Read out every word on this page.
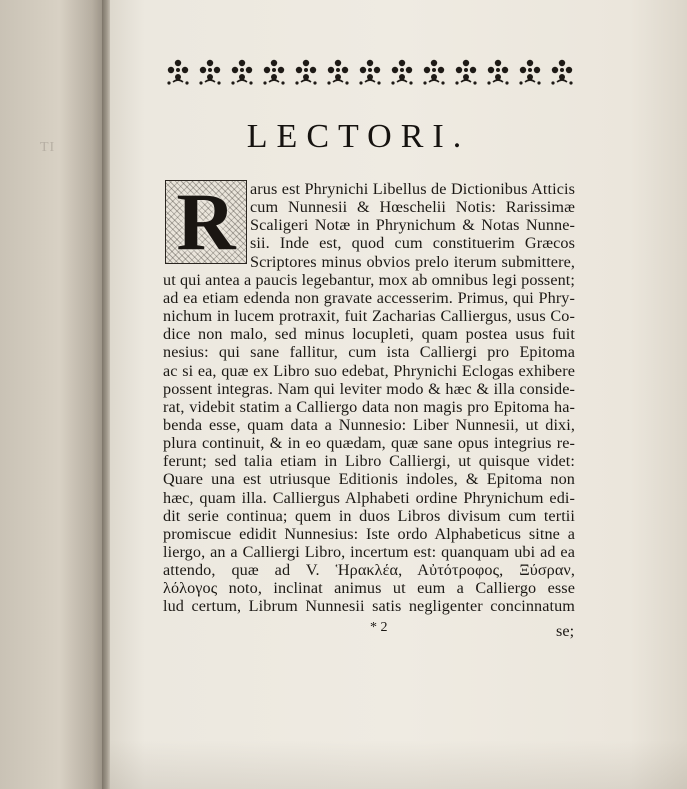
TI
	LECTORI.
R arus est Phrynichi Libellus de Dictionibus Atticis
cum Nunnesii & Hœschelii Notis: Rarissimæ
Scaligeri Notæ in Phrynichum & Notas Nunne-
sii. Inde est, quod cum constituerim Græcos
Scriptores minus obvios prelo iterum submittere,
ut qui antea a paucis legebantur, mox ab omnibus legi possent;
ad ea etiam edenda non gravate accesserim. Primus, qui Phry-
nichum in lucem protraxit, fuit Zacharias Calliergus, usus Co-
dice non malo, sed minus locupleti, quam postea usus fuit
nesius: qui sane fallitur, cum ista Calliergi pro Epitoma
ac si ea, quæ ex Libro suo edebat, Phrynichi Eclogas exhibere
possent integras. Nam qui leviter modo & hæc & illa conside-
rat, videbit statim a Calliergo data non magis pro Epitoma ha-
benda esse, quam data a Nunnesio: Liber Nunnesii, ut dixi,
plura continuit, & in eo quædam, quæ sane opus integrius re-
ferunt; sed talia etiam in Libro Calliergi, ut quisque videt:
Quare una est utriusque Editionis indoles, & Epitoma non
hæc, quam illa. Calliergus Alphabeti ordine Phrynichum edi-
dit serie continua; quem in duos Libros divisum cum tertii
promiscue edidit Nunnesius: Iste ordo Alphabeticus sitne a
liergo, an a Calliergi Libro, incertum est: quanquam ubi ad ea
attendo, quæ ad V. Ἡρακλέα, Αὐτότροφος, Ξύσραν,
λόλογος noto, inclinat animus ut eum a Calliergo esse
lud certum, Librum Nunnesii satis negligenter concinnatum
se;
* 2
